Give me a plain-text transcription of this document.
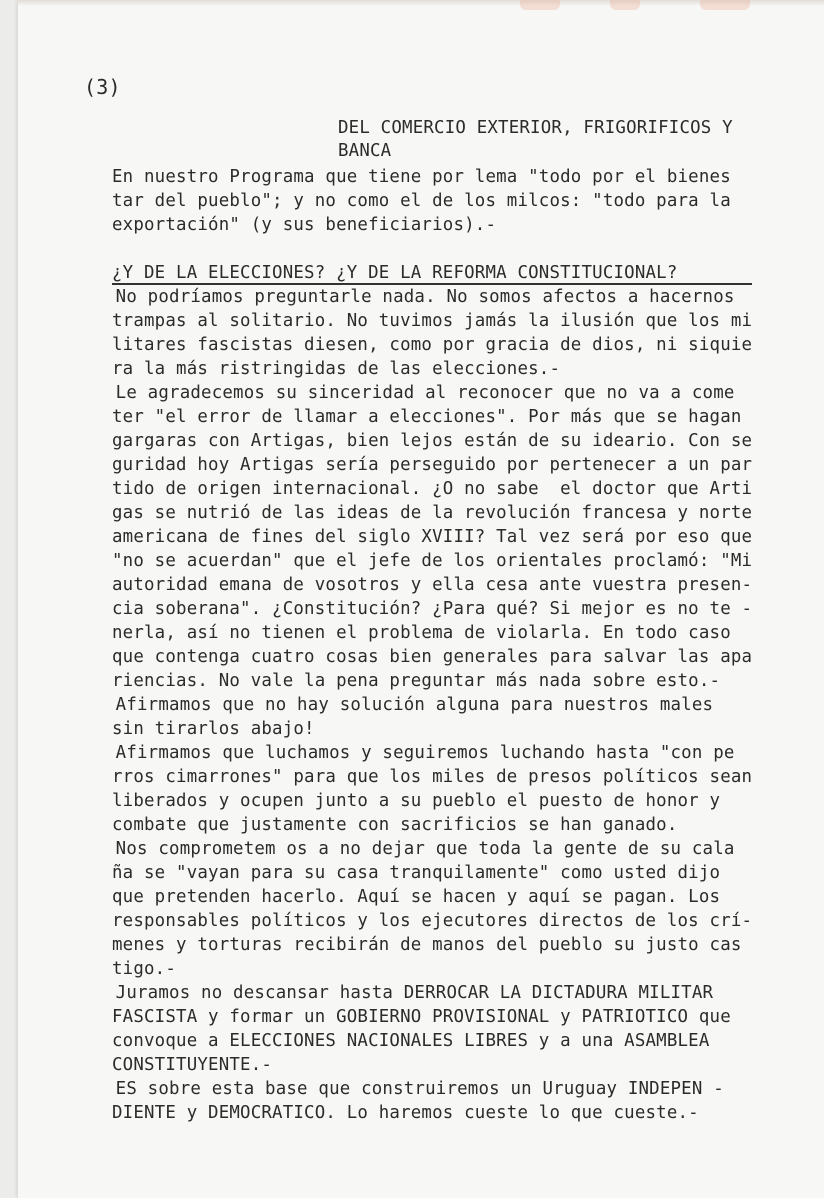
(3)
DEL COMERCIO EXTERIOR, FRIGORIFICOS Y
BANCA
En nuestro Programa que tiene por lema "todo por el bienes
tar del pueblo"; y no como el de los milcos: "todo para la
exportación" (y sus beneficiarios).-
¿Y DE LA ELECCIONES? ¿Y DE LA REFORMA CONSTITUCIONAL?
No podríamos preguntarle nada. No somos afectos a hacernos
trampas al solitario. No tuvimos jamás la ilusión que los mi
litares fascistas diesen, como por gracia de dios, ni siquie
ra la más ristringidas de las elecciones.-
Le agradecemos su sinceridad al reconocer que no va a come
ter "el error de llamar a elecciones". Por más que se hagan
gargaras con Artigas, bien lejos están de su ideario. Con se
guridad hoy Artigas sería perseguido por pertenecer a un par
tido de origen internacional. ¿O no sabe  el doctor que Arti
gas se nutrió de las ideas de la revolución francesa y norte
americana de fines del siglo XVIII? Tal vez será por eso que
"no se acuerdan" que el jefe de los orientales proclamó: "Mi
autoridad emana de vosotros y ella cesa ante vuestra presen-
cia soberana". ¿Constitución? ¿Para qué? Si mejor es no te -
nerla, así no tienen el problema de violarla. En todo caso
que contenga cuatro cosas bien generales para salvar las apa
riencias. No vale la pena preguntar más nada sobre esto.-
Afirmamos que no hay solución alguna para nuestros males
sin tirarlos abajo!
Afirmamos que luchamos y seguiremos luchando hasta "con pe
rros cimarrones" para que los miles de presos políticos sean
liberados y ocupen junto a su pueblo el puesto de honor y
combate que justamente con sacrificios se han ganado.
Nos comprometem os a no dejar que toda la gente de su cala
ña se "vayan para su casa tranquilamente" como usted dijo
que pretenden hacerlo. Aquí se hacen y aquí se pagan. Los
responsables políticos y los ejecutores directos de los crí-
menes y torturas recibirán de manos del pueblo su justo cas
tigo.-
Juramos no descansar hasta DERROCAR LA DICTADURA MILITAR
FASCISTA y formar un GOBIERNO PROVISIONAL y PATRIOTICO que
convoque a ELECCIONES NACIONALES LIBRES y a una ASAMBLEA
CONSTITUYENTE.-
ES sobre esta base que construiremos un Uruguay INDEPEN -
DIENTE y DEMOCRATICO. Lo haremos cueste lo que cueste.-
